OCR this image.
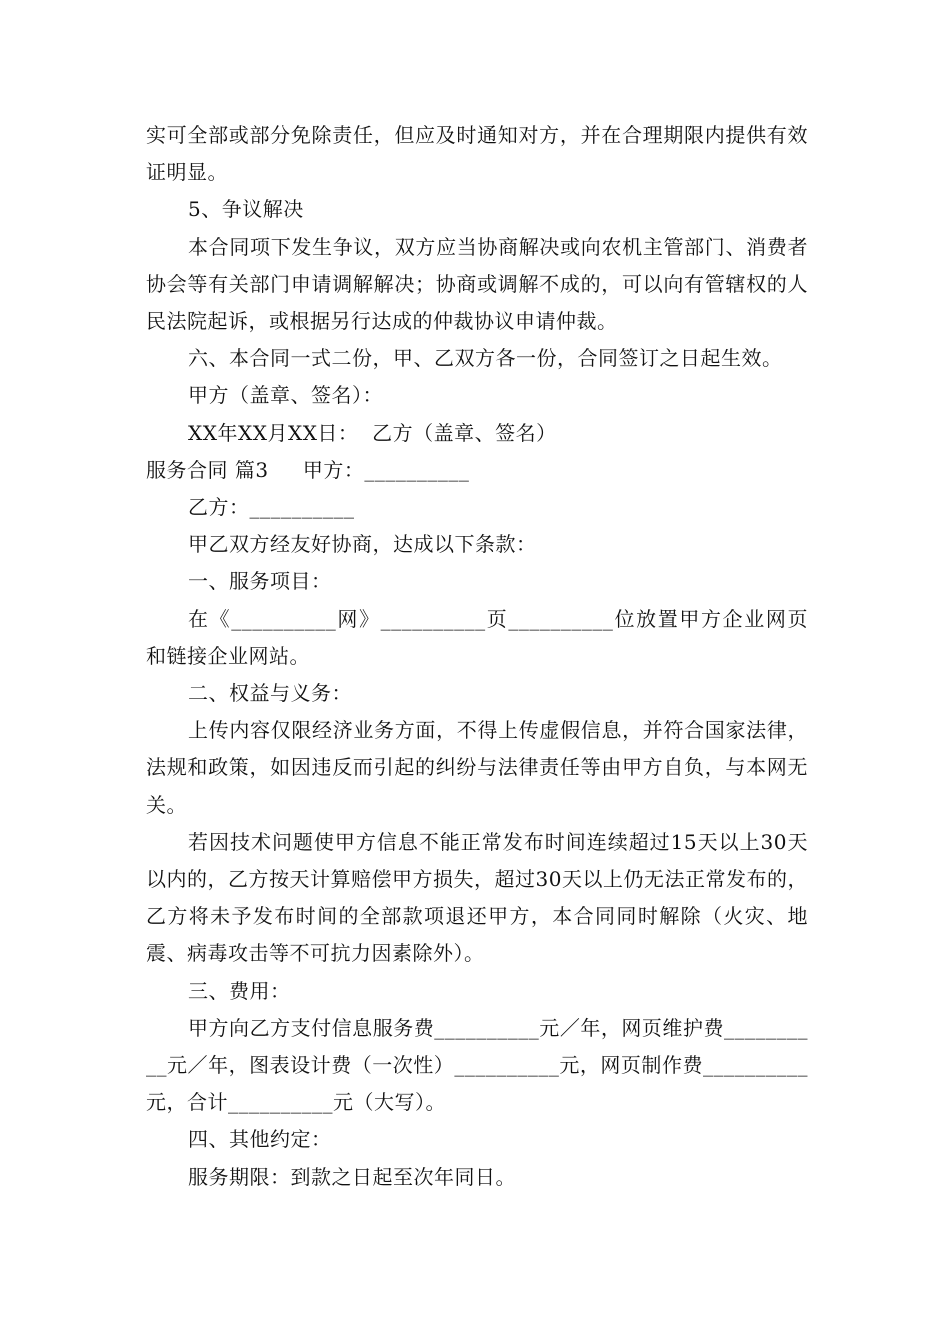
实可全部或部分免除责任，但应及时通知对方，并在合理期限内提供有效证明显。

5、争议解决

本合同项下发生争议，双方应当协商解决或向农机主管部门、消费者协会等有关部门申请调解解决；协商或调解不成的，可以向有管辖权的人民法院起诉，或根据另行达成的仲裁协议申请仲裁。

六、本合同一式二份，甲、乙双方各一份，合同签订之日起生效。

甲方（盖章、签名）：

XX年XX月XX日：  乙方（盖章、签名）

服务合同 篇3     甲方：__________

乙方：__________

甲乙双方经友好协商，达成以下条款：

一、服务项目：

在《__________网》__________页__________位放置甲方企业网页和链接企业网站。

二、权益与义务：

上传内容仅限经济业务方面，不得上传虚假信息，并符合国家法律，法规和政策，如因违反而引起的纠纷与法律责任等由甲方自负，与本网无关。

若因技术问题使甲方信息不能正常发布时间连续超过15天以上30天以内的，乙方按天计算赔偿甲方损失，超过30天以上仍无法正常发布的，乙方将未予发布时间的全部款项退还甲方，本合同同时解除（火灾、地震、病毒攻击等不可抗力因素除外）。

三、费用：

甲方向乙方支付信息服务费__________元／年，网页维护费__________元／年，图表设计费（一次性）__________元，网页制作费__________元，合计__________元（大写）。

四、其他约定：

服务期限：到款之日起至次年同日。
